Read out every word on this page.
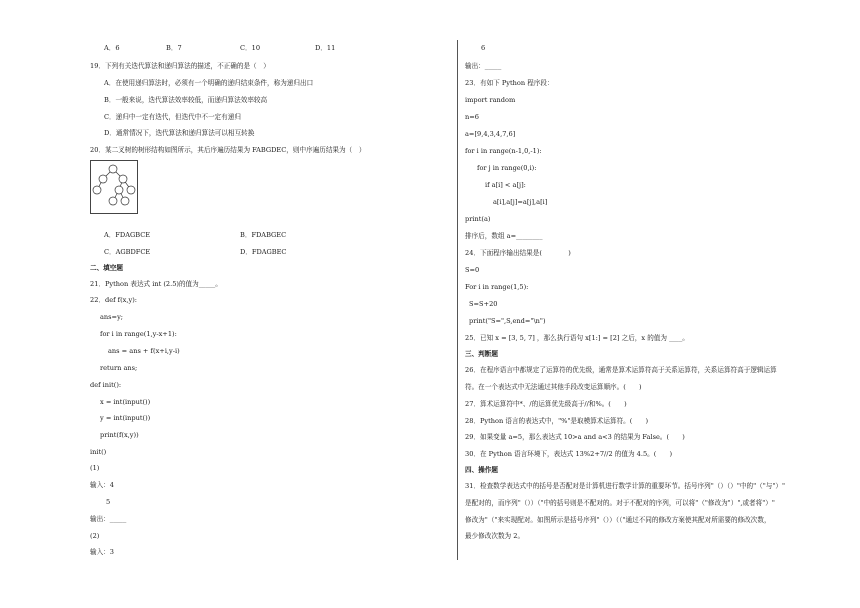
A．6	B．7	C．10	D．11
19．下列有关迭代算法和递归算法的描述，不正确的是（　）
A．在使用递归算法时，必须有一个明确的递归结束条件，称为递归出口
B．一般来说，迭代算法效率较低，而递归算法效率较高
C．递归中一定有迭代，但迭代中不一定有递归
D．通常情况下，迭代算法和递归算法可以相互转换
20．某二叉树的树形结构如图所示，其后序遍历结果为 FABGDEC，则中序遍历结果为（　）
A．FDAGBCE	B．FDABGEC
C．AGBDFCE	D．FDAGBEC
二、填空题
21．Python 表达式 int (2.5)的值为_____。
22．def f(x,y):
ans=y;
for i in range(1,y-x+1):
ans = ans + f(x+i,y-i)
return ans;
def init():
x = int(input())
y = int(input())
print(f(x,y))
init()
(1)
输入：4
5
输出：_____
(2)
输入：3
6
输出：_____
23．有如下 Python 程序段：
import random
n=6
a=[9,4,3,4,7,6]
for i in range(n-1,0,-1):
for j in range(0,i):
if a[i] < a[j]:
a[i],a[j]=a[j],a[i]
print(a)
排序后，数组 a=________
24．下面程序输出结果是(　　　　)
S=0
For i in range(1,5):
S=S+20
print("S=",S,end="\n")
25．已知 x = [3, 5, 7] ，那么执行语句 x[1:] = [2] 之后，x 的值为 ____。
三、判断题
26．在程序语言中都规定了运算符的优先级，通常是算术运算符高于关系运算符，关系运算符高于逻辑运算
符。在一个表达式中无法通过其他手段改变运算顺序。(　　)
27．算术运算符中*、/的运算优先级高于//和%。(　　)
28．Python 语言的表达式中，"%"是取模算术运算符。(　　)
29．如果变量 a=5，那么表达式 10>a and a<3 的结果为 False。(　　)
30．在 Python 语言环境下，表达式 13%2+7//2 的值为 4.5。(　　)
四、操作题
31．检查数学表达式中的括号是否配对是计算机进行数学计算的重要环节。括号序列"（）（）"中的"（"与"）"
是配对的，而序列"（））（"中的括号则是不配对的。对于不配对的序列，可以将"（"修改为"）",或者将"）"
修改为"（"来实现配对。如图所示是括号序列"（））（（"通过不同的修改方案使其配对所需要的修改次数，
最少修改次数为 2。
